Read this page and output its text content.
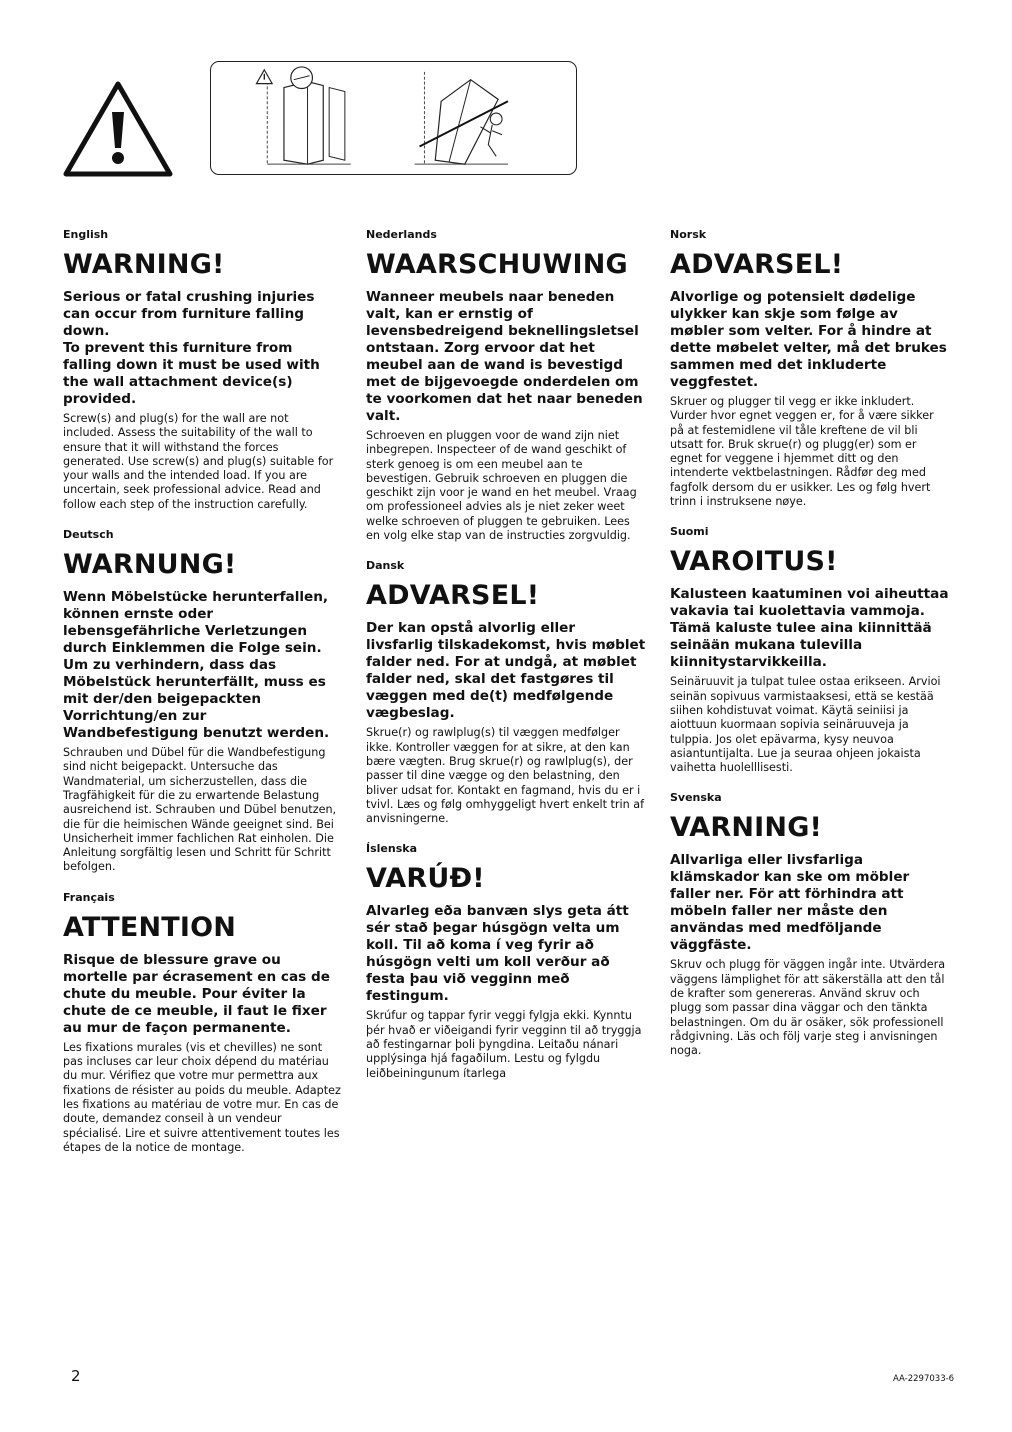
English

WARNING!

Serious or fatal crushing injuries can occur from furniture falling down.
To prevent this furniture from falling down it must be used with the wall attachment device(s) provided.

Screw(s) and plug(s) for the wall are not included. Assess the suitability of the wall to ensure that it will withstand the forces generated. Use screw(s) and plug(s) suitable for your walls and the intended load. If you are uncertain, seek professional advice. Read and follow each step of the instruction carefully.

Deutsch

WARNUNG!

Wenn Möbelstücke herunterfallen, können ernste oder lebensgefährliche Verletzungen durch Einklemmen die Folge sein. Um zu verhindern, dass das Möbelstück herunterfällt, muss es mit der/den beigepackten Vorrichtung/en zur Wandbefestigung benutzt werden.

Schrauben und Dübel für die Wandbefestigung sind nicht beigepackt. Untersuche das Wandmaterial, um sicherzustellen, dass die Tragfähigkeit für die zu erwartende Belastung ausreichend ist. Schrauben und Dübel benutzen, die für die heimischen Wände geeignet sind. Bei Unsicherheit immer fachlichen Rat einholen. Die Anleitung sorgfältig lesen und Schritt für Schritt befolgen.

Français

ATTENTION

Risque de blessure grave ou mortelle par écrasement en cas de chute du meuble. Pour éviter la chute de ce meuble, il faut le fixer au mur de façon permanente.

Les fixations murales (vis et chevilles) ne sont pas incluses car leur choix dépend du matériau du mur. Vérifiez que votre mur permettra aux fixations de résister au poids du meuble. Adaptez les fixations au matériau de votre mur. En cas de doute, demandez conseil à un vendeur spécialisé. Lire et suivre attentivement toutes les étapes de la notice de montage.

Nederlands

WAARSCHUWING

Wanneer meubels naar beneden valt, kan er ernstig of levensbedreigend beknellingsletsel ontstaan. Zorg ervoor dat het meubel aan de wand is bevestigd met de bijgevoegde onderdelen om te voorkomen dat het naar beneden valt.

Schroeven en pluggen voor de wand zijn niet inbegrepen. Inspecteer of de wand geschikt of sterk genoeg is om een meubel aan te bevestigen. Gebruik schroeven en pluggen die geschikt zijn voor je wand en het meubel. Vraag om professioneel advies als je niet zeker weet welke schroeven of pluggen te gebruiken. Lees en volg elke stap van de instructies zorgvuldig.

Dansk

ADVARSEL!

Der kan opstå alvorlig eller livsfarlig tilskadekomst, hvis møblet falder ned. For at undgå, at møblet falder ned, skal det fastgøres til væggen med de(t) medfølgende vægbeslag.

Skrue(r) og rawlplug(s) til væggen medfølger ikke. Kontroller væggen for at sikre, at den kan bære vægten. Brug skrue(r) og rawlplug(s), der passer til dine vægge og den belastning, den bliver udsat for. Kontakt en fagmand, hvis du er i tvivl. Læs og følg omhyggeligt hvert enkelt trin af anvisningerne.

Íslenska

VARÚÐ!

Alvarleg eða banvæn slys geta átt sér stað þegar húsgögn velta um koll. Til að koma í veg fyrir að húsgögn velti um koll verður að festa þau við vegginn með festingum.

Skrúfur og tappar fyrir veggi fylgja ekki. Kynntu þér hvað er viðeigandi fyrir vegginn til að tryggja að festingarnar þoli þyngdina. Leitaðu nánari upplýsinga hjá fagaðilum. Lestu og fylgdu leiðbeiningunum ítarlega

Norsk

ADVARSEL!

Alvorlige og potensielt dødelige ulykker kan skje som følge av møbler som velter. For å hindre at dette møbelet velter, må det brukes sammen med det inkluderte veggfestet.

Skruer og plugger til vegg er ikke inkludert. Vurder hvor egnet veggen er, for å være sikker på at festemidlene vil tåle kreftene de vil bli utsatt for. Bruk skrue(r) og plugg(er) som er egnet for veggene i hjemmet ditt og den intenderte vektbelastningen. Rådfør deg med fagfolk dersom du er usikker. Les og følg hvert trinn i instruksene nøye.

Suomi

VAROITUS!

Kalusteen kaatuminen voi aiheuttaa vakavia tai kuolettavia vammoja. Tämä kaluste tulee aina kiinnittää seinään mukana tulevilla kiinnitystarvikkeilla.

Seinäruuvit ja tulpat tulee ostaa erikseen. Arvioi seinän sopivuus varmistaaksesi, että se kestää siihen kohdistuvat voimat. Käytä seiniisi ja aiottuun kuormaan sopivia seinäruuveja ja tulppia. Jos olet epävarma, kysy neuvoa asiantuntijalta. Lue ja seuraa ohjeen jokaista vaihetta huolelllisesti.

Svenska

VARNING!

Allvarliga eller livsfarliga klämskador kan ske om möbler faller ner. För att förhindra att möbeln faller ner måste den användas med medföljande väggfäste.

Skruv och plugg för väggen ingår inte. Utvärdera väggens lämplighet för att säkerställa att den tål de krafter som genereras. Använd skruv och plugg som passar dina väggar och den tänkta belastningen. Om du är osäker, sök professionell rådgivning. Läs och följ varje steg i anvisningen noga.

2	AA-2297033-6
